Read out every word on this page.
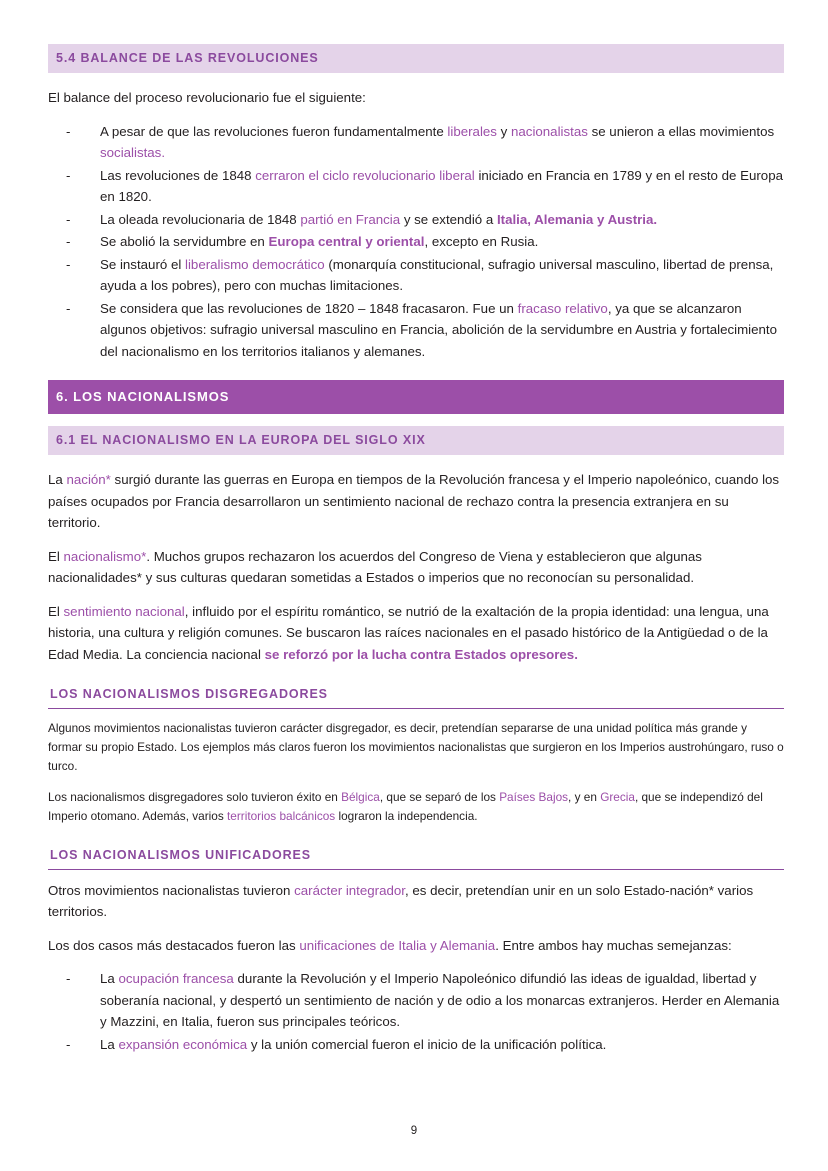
5.4 BALANCE DE LAS REVOLUCIONES

El balance del proceso revolucionario fue el siguiente:

- A pesar de que las revoluciones fueron fundamentalmente liberales y nacionalistas se unieron a ellas movimientos socialistas.
- Las revoluciones de 1848 cerraron el ciclo revolucionario liberal iniciado en Francia en 1789 y en el resto de Europa en 1820.
- La oleada revolucionaria de 1848 partió en Francia y se extendió a Italia, Alemania y Austria.
- Se abolió la servidumbre en Europa central y oriental, excepto en Rusia.
- Se instauró el liberalismo democrático (monarquía constitucional, sufragio universal masculino, libertad de prensa, ayuda a los pobres), pero con muchas limitaciones.
- Se considera que las revoluciones de 1820 – 1848 fracasaron. Fue un fracaso relativo, ya que se alcanzaron algunos objetivos: sufragio universal masculino en Francia, abolición de la servidumbre en Austria y fortalecimiento del nacionalismo en los territorios italianos y alemanes.
6. LOS NACIONALISMOS
6.1 EL NACIONALISMO EN LA EUROPA DEL SIGLO XIX

La nación* surgió durante las guerras en Europa en tiempos de la Revolución francesa y el Imperio napoleónico, cuando los países ocupados por Francia desarrollaron un sentimiento nacional de rechazo contra la presencia extranjera en su territorio.

El nacionalismo*. Muchos grupos rechazaron los acuerdos del Congreso de Viena y establecieron que algunas nacionalidades* y sus culturas quedaran sometidas a Estados o imperios que no reconocían su personalidad.

El sentimiento nacional, influido por el espíritu romántico, se nutrió de la exaltación de la propia identidad: una lengua, una historia, una cultura y religión comunes. Se buscaron las raíces nacionales en el pasado histórico de la Antigüedad o de la Edad Media. La conciencia nacional se reforzó por la lucha contra Estados opresores.

LOS NACIONALISMOS DISGREGADORES

Algunos movimientos nacionalistas tuvieron carácter disgregador, es decir, pretendían separarse de una unidad política más grande y formar su propio Estado. Los ejemplos más claros fueron los movimientos nacionalistas que surgieron en los Imperios austrohúngaro, ruso o turco.

Los nacionalismos disgregadores solo tuvieron éxito en Bélgica, que se separó de los Países Bajos, y en Grecia, que se independizó del Imperio otomano. Además, varios territorios balcánicos lograron la independencia.

LOS NACIONALISMOS UNIFICADORES

Otros movimientos nacionalistas tuvieron carácter integrador, es decir, pretendían unir en un solo Estado-nación* varios territorios.

Los dos casos más destacados fueron las unificaciones de Italia y Alemania. Entre ambos hay muchas semejanzas:

- La ocupación francesa durante la Revolución y el Imperio Napoleónico difundió las ideas de igualdad, libertad y soberanía nacional, y despertó un sentimiento de nación y de odio a los monarcas extranjeros. Herder en Alemania y Mazzini, en Italia, fueron sus principales teóricos.
- La expansión económica y la unión comercial fueron el inicio de la unificación política.
9
